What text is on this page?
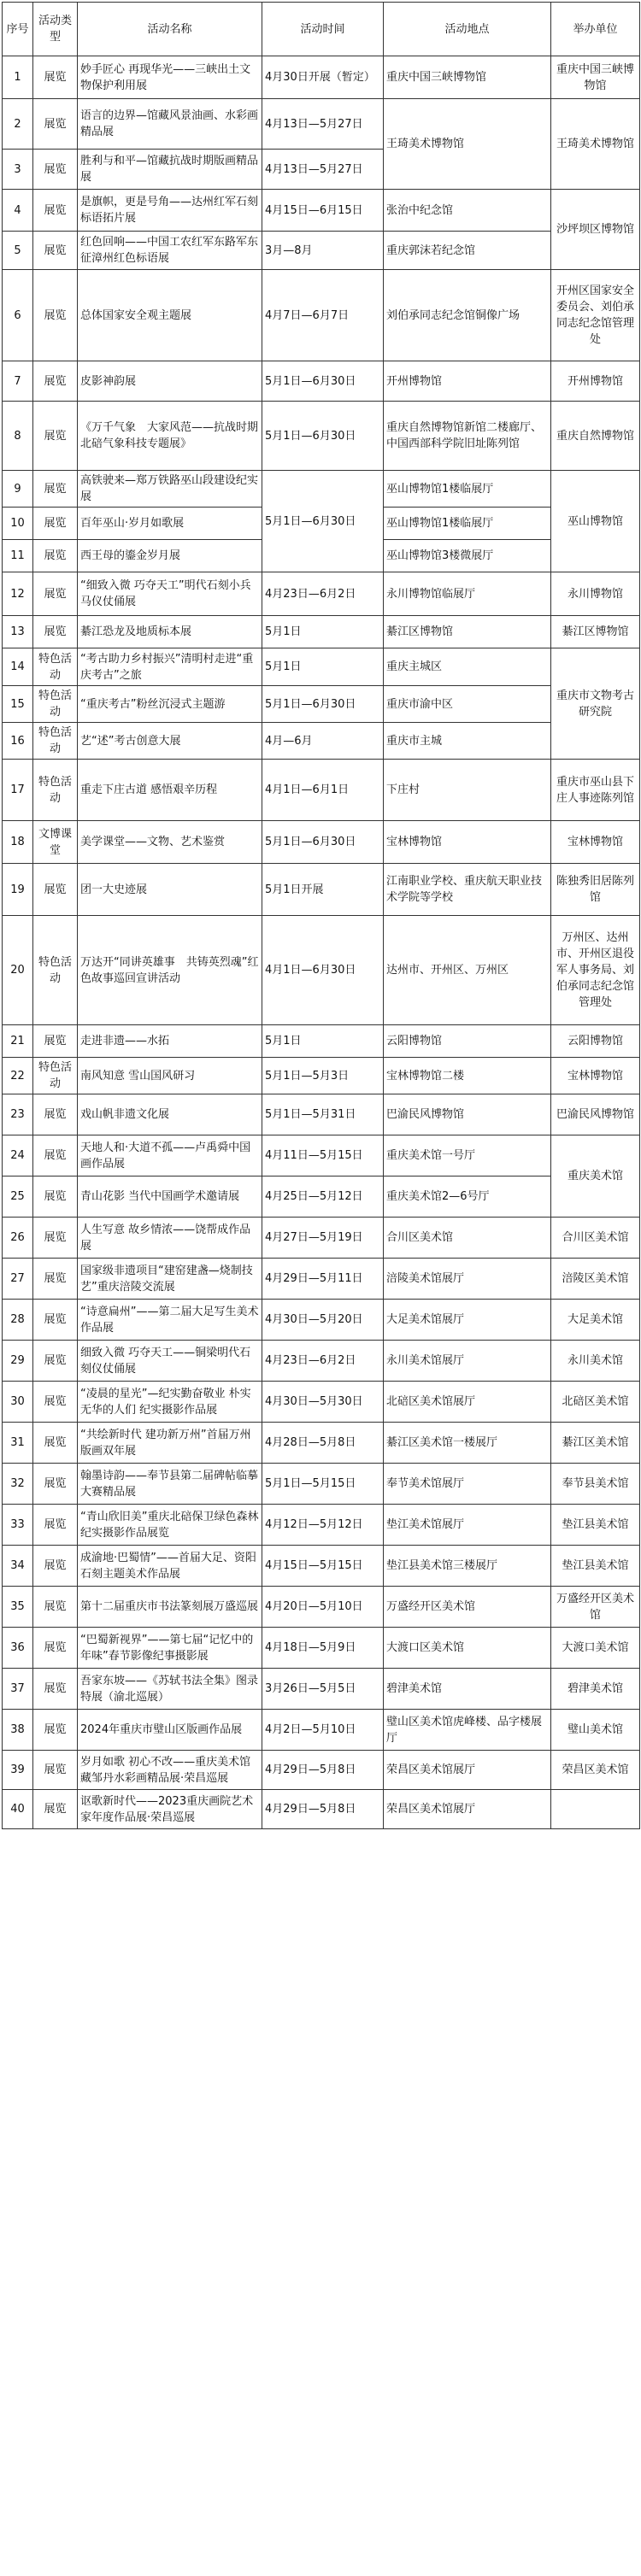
序号	活动类型	活动名称	活动时间	活动地点	举办单位
1	展览	妙手匠心 再现华光——三峡出土文物保护利用展	4月30日开展（暂定）	重庆中国三峡博物馆	重庆中国三峡博物馆
2	展览	语言的边界—馆藏风景油画、水彩画精品展	4月13日—5月27日	王琦美术博物馆	王琦美术博物馆
3	展览	胜利与和平—馆藏抗战时期版画精品展	4月13日—5月27日		
4	展览	是旗帜，更是号角——达州红军石刻标语拓片展	4月15日—6月15日	张治中纪念馆	沙坪坝区博物馆
5	展览	红色回响——中国工农红军东路军东征漳州红色标语展	3月—8月	重庆郭沫若纪念馆	
6	展览	总体国家安全观主题展	4月7日—6月7日	刘伯承同志纪念馆铜像广场	开州区国家安全委员会、刘伯承同志纪念馆管理处
7	展览	皮影神韵展	5月1日—6月30日	开州博物馆	开州博物馆
8	展览	《万千气象　大家风范——抗战时期北碚气象科技专题展》	5月1日—6月30日	重庆自然博物馆新馆二楼廊厅、中国西部科学院旧址陈列馆	重庆自然博物馆
9	展览	高铁驶来—郑万铁路巫山段建设纪实展	5月1日—6月30日	巫山博物馆1楼临展厅	巫山博物馆
10	展览	百年巫山·岁月如歌展		巫山博物馆1楼临展厅	
11	展览	西王母的鎏金岁月展		巫山博物馆3楼微展厅	
12	展览	“细致入微 巧夺天工”明代石刻小兵马仪仗俑展	4月23日—6月2日	永川博物馆临展厅	永川博物馆
13	展览	綦江恐龙及地质标本展	5月1日	綦江区博物馆	綦江区博物馆
14	特色活动	“考古助力乡村振兴”清明村走进“重庆考古”之旅	5月1日	重庆主城区	重庆市文物考古研究院
15	特色活动	“重庆考古”粉丝沉浸式主题游	5月1日—6月30日	重庆市渝中区	
16	特色活动	艺“述”考古创意大展	4月—6月	重庆市主城	
17	特色活动	重走下庄古道 感悟艰辛历程	4月1日—6月1日	下庄村	重庆市巫山县下庄人事迹陈列馆
18	文博课堂	美学课堂——文物、艺术鉴赏	5月1日—6月30日	宝林博物馆	宝林博物馆
19	展览	团一大史迹展	5月1日开展	江南职业学校、重庆航天职业技术学院等学校	陈独秀旧居陈列馆
20	特色活动	万达开“同讲英雄事　共铸英烈魂”红色故事巡回宣讲活动	4月1日—6月30日	达州市、开州区、万州区	万州区、达州市、开州区退役军人事务局、刘伯承同志纪念馆管理处
21	展览	走进非遗——水拓	5月1日	云阳博物馆	云阳博物馆
22	特色活动	南风知意 雪山国风研习	5月1日—5月3日	宝林博物馆二楼	宝林博物馆
23	展览	戏山帆非遗文化展	5月1日—5月31日	巴渝民风博物馆	巴渝民风博物馆
24	展览	天地人和·大道不孤——卢禹舜中国画作品展	4月11日—5月15日	重庆美术馆一号厅	重庆美术馆
25	展览	青山花影 当代中国画学术邀请展	4月25日—5月12日	重庆美术馆2—6号厅	
26	展览	人生写意 故乡情浓——饶帮成作品展	4月27日—5月19日	合川区美术馆	合川区美术馆
27	展览	国家级非遗项目“建窑建盏—烧制技艺”重庆涪陵交流展	4月29日—5月11日	涪陵美术馆展厅	涪陵区美术馆
28	展览	“诗意扁州”——第二届大足写生美术作品展	4月30日—5月20日	大足美术馆展厅	大足美术馆
29	展览	细致入微 巧夺天工——铜梁明代石刻仪仗俑展	4月23日—6月2日	永川美术馆展厅	永川美术馆
30	展览	“凌晨的星光”—纪实勤奋敬业 朴实无华的人们 纪实摄影作品展	4月30日—5月30日	北碚区美术馆展厅	北碚区美术馆
31	展览	“共绘新时代 建功新万州”首届万州版画双年展	4月28日—5月8日	綦江区美术馆一楼展厅	綦江区美术馆
32	展览	翰墨诗韵——奉节县第二届碑帖临摹大赛精品展	5月1日—5月15日	奉节美术馆展厅	奉节县美术馆
33	展览	“青山欣旧美”重庆北碚保卫绿色森林纪实摄影作品展览	4月12日—5月12日	垫江美术馆展厅	垫江县美术馆
34	展览	成渝地·巴蜀情”——首届大足、资阳石刻主题美术作品展	4月15日—5月15日	垫江县美术馆三楼展厅	垫江县美术馆
35	展览	第十二届重庆市书法篆刻展万盛巡展	4月20日—5月10日	万盛经开区美术馆	万盛经开区美术馆
36	展览	“巴蜀新视界”——第七届“记忆中的年味”春节影像纪事摄影展	4月18日—5月9日	大渡口区美术馆	大渡口美术馆
37	展览	吾家东坡——《苏轼书法全集》图录特展（渝北巡展）	3月26日—5月5日	碧津美术馆	碧津美术馆
38	展览	2024年重庆市璧山区版画作品展	4月2日—5月10日	璧山区美术馆虎峰楼、品字楼展厅	璧山美术馆
39	展览	岁月如歌 初心不改——重庆美术馆藏邹丹水彩画精品展·荣昌巡展	4月29日—5月8日	荣昌区美术馆展厅	荣昌区美术馆
40	展览	讴歌新时代——2023重庆画院艺术家年度作品展·荣昌巡展	4月29日—5月8日	荣昌区美术馆展厅	
